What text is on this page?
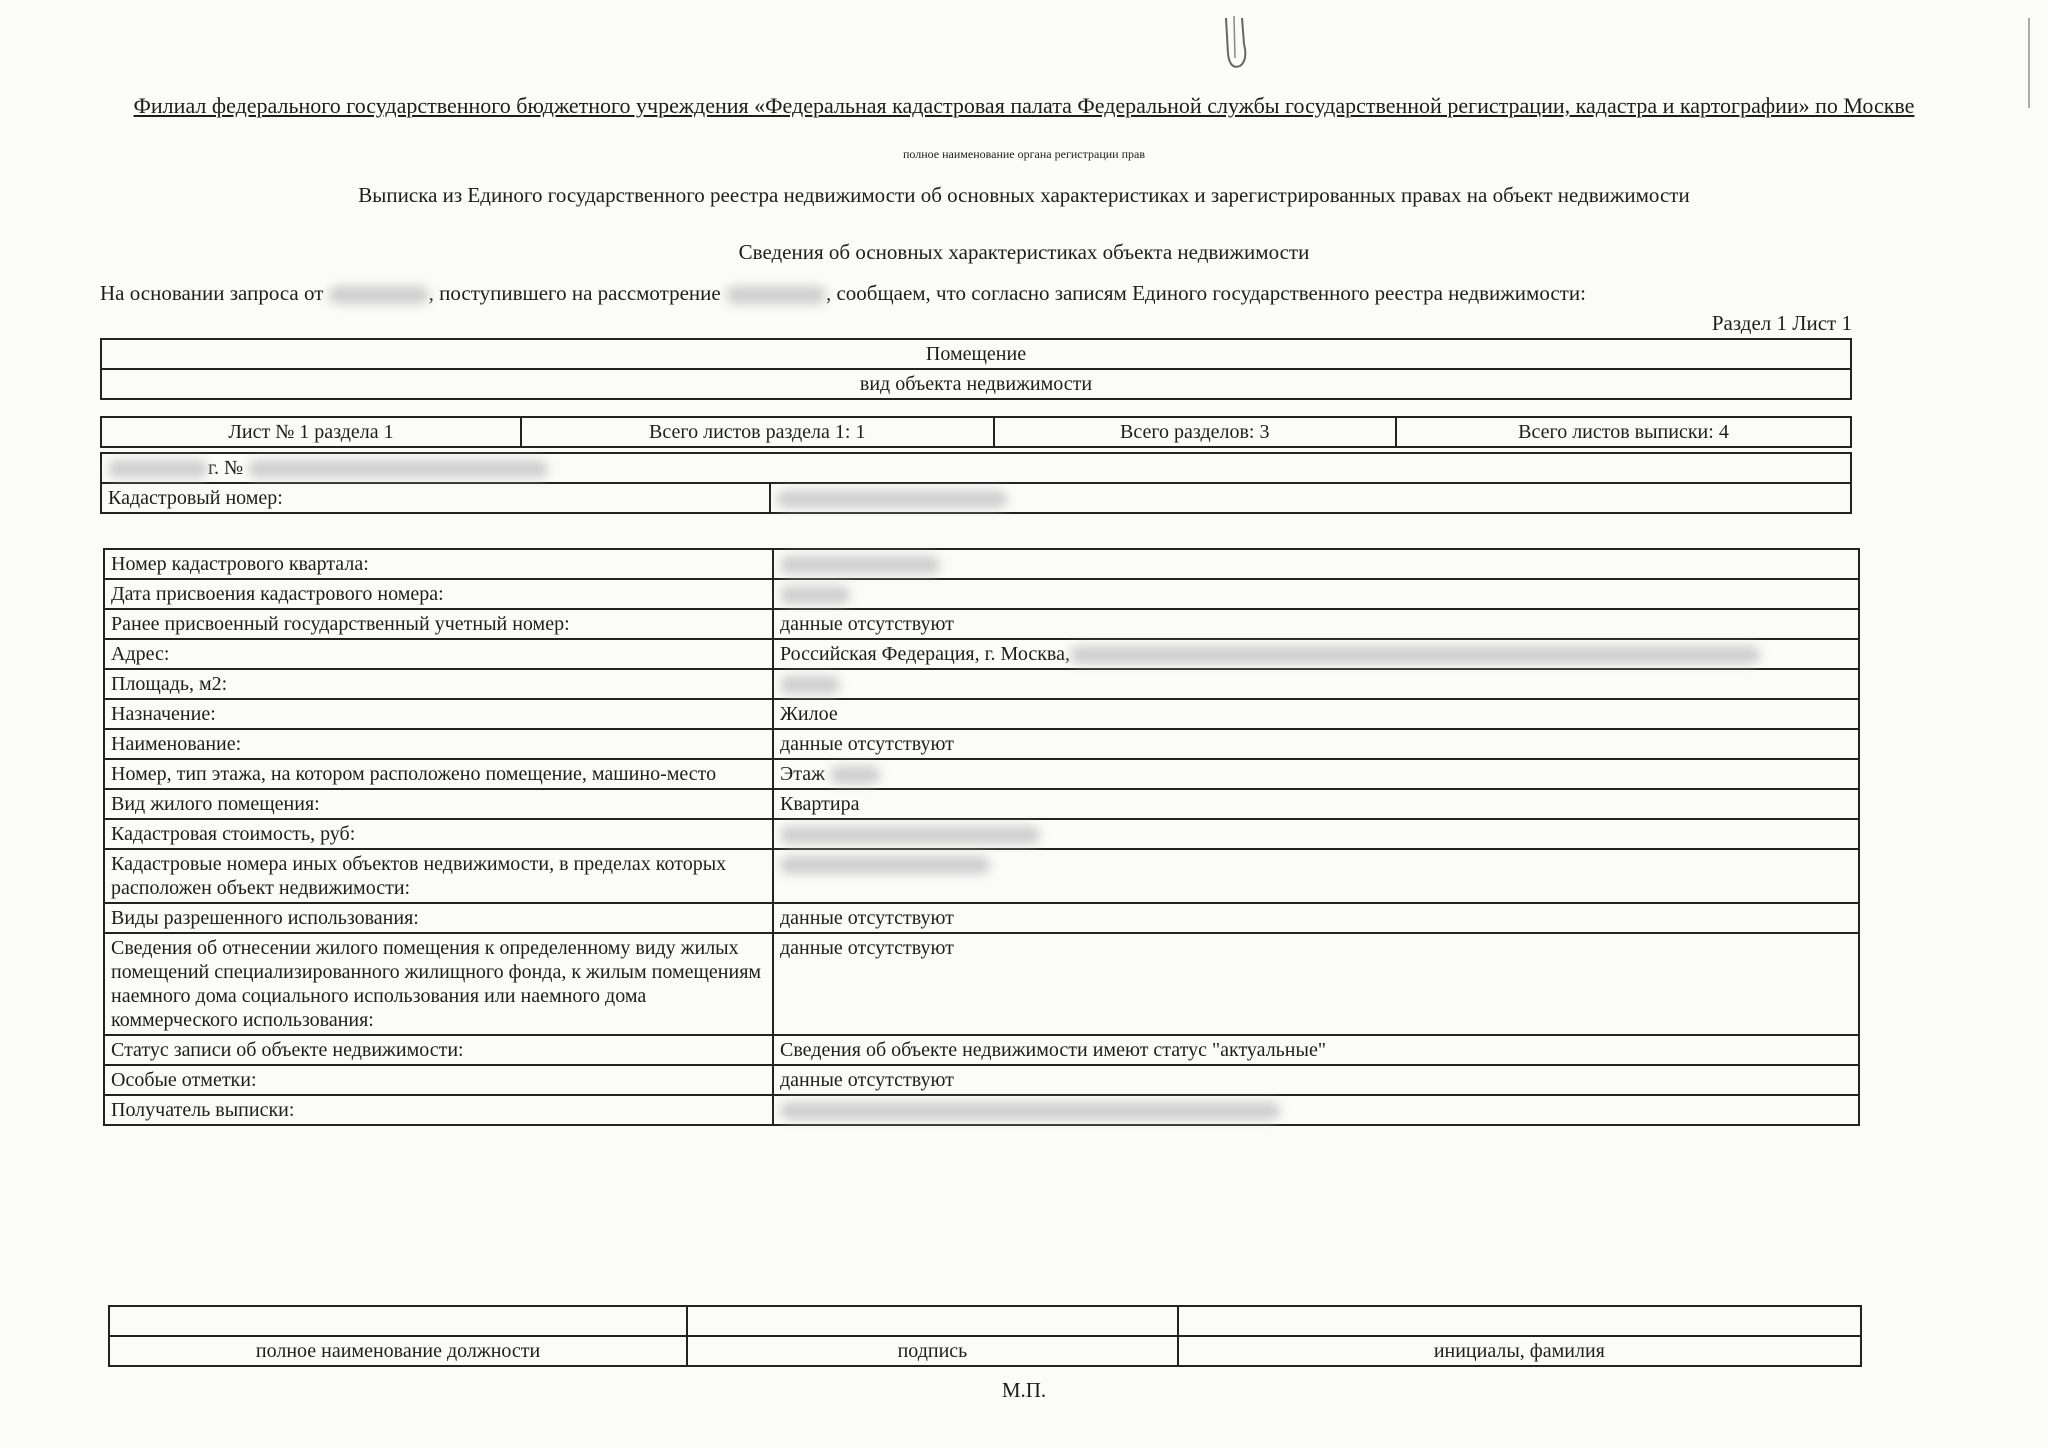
Филиал федерального государственного бюджетного учреждения «Федеральная кадастровая палата Федеральной службы государственной регистрации, кадастра и картографии» по Москве
полное наименование органа регистрации прав
Выписка из Единого государственного реестра недвижимости об основных характеристиках и зарегистрированных правах на объект недвижимости
Сведения об основных характеристиках объекта недвижимости
На основании запроса от	, поступившего на рассмотрение	, сообщаем, что согласно записям Единого государственного реестра недвижимости:
Раздел 1 Лист 1
Помещение
вид объекта недвижимости
Лист № 1 раздела 1	Всего листов раздела 1: 1	Всего разделов: 3	Всего листов выписки: 4
г. №
Кадастровый номер:	
Номер кадастрового квартала:	
Дата присвоения кадастрового номера:	
Ранее присвоенный государственный учетный номер:	данные отсутствуют
Адрес:	Российская Федерация, г. Москва,
Площадь, м2:	
Назначение:	Жилое
Наименование:	данные отсутствуют
Номер, тип этажа, на котором расположено помещение, машино-место	Этаж
Вид жилого помещения:	Квартира
Кадастровая стоимость, руб:	
Кадастровые номера иных объектов недвижимости, в пределах которых расположен объект недвижимости:	
Виды разрешенного использования:	данные отсутствуют
Сведения об отнесении жилого помещения к определенному виду жилых помещений специализированного жилищного фонда, к жилым помещениям наемного дома социального использования или наемного дома коммерческого использования:	данные отсутствуют
Статус записи об объекте недвижимости:	Сведения об объекте недвижимости имеют статус "актуальные"
Особые отметки:	данные отсутствуют
Получатель выписки:	

полное наименование должности	подпись	инициалы, фамилия
М.П.
